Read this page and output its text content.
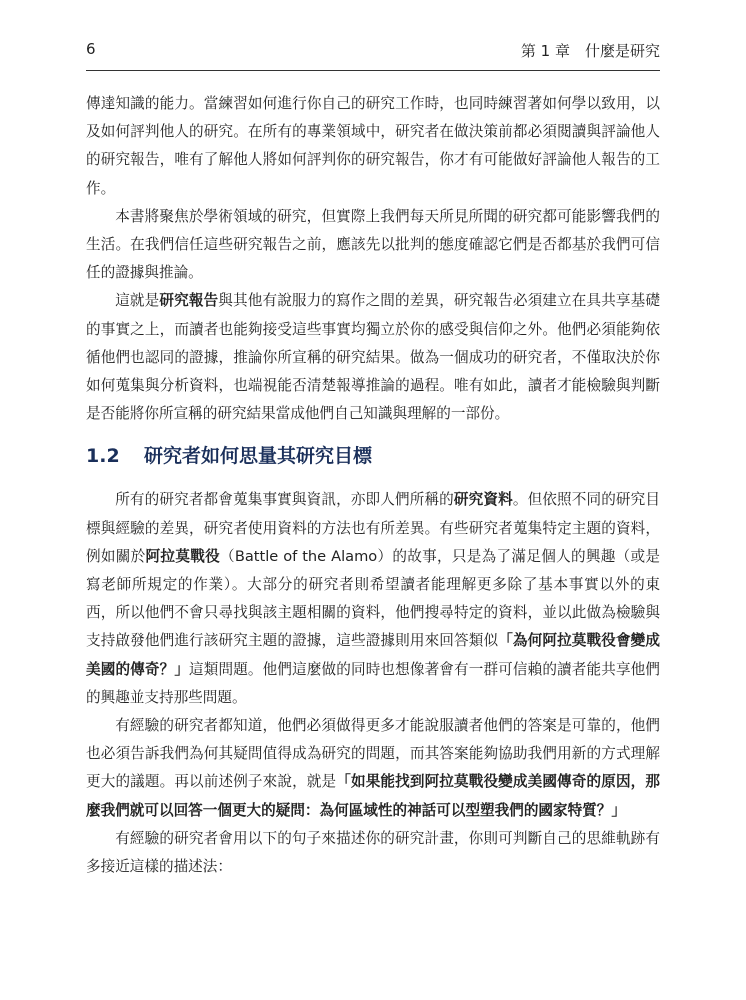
6	第 1 章　什麼是研究

傳達知識的能力。當練習如何進行你自己的研究工作時，也同時練習著如何學以致用，以及如何評判他人的研究。在所有的專業領域中，研究者在做決策前都必須閱讀與評論他人的研究報告，唯有了解他人將如何評判你的研究報告，你才有可能做好評論他人報告的工作。

本書將聚焦於學術領域的研究，但實際上我們每天所見所聞的研究都可能影響我們的生活。在我們信任這些研究報告之前，應該先以批判的態度確認它們是否都基於我們可信任的證據與推論。

這就是研究報告與其他有說服力的寫作之間的差異，研究報告必須建立在具共享基礎的事實之上，而讀者也能夠接受這些事實均獨立於你的感受與信仰之外。他們必須能夠依循他們也認同的證據，推論你所宣稱的研究結果。做為一個成功的研究者，不僅取決於你如何蒐集與分析資料，也端視能否清楚報導推論的過程。唯有如此，讀者才能檢驗與判斷是否能將你所宣稱的研究結果當成他們自己知識與理解的一部份。

1.2 研究者如何思量其研究目標

所有的研究者都會蒐集事實與資訊，亦即人們所稱的研究資料。但依照不同的研究目標與經驗的差異，研究者使用資料的方法也有所差異。有些研究者蒐集特定主題的資料，例如關於阿拉莫戰役（Battle of the Alamo）的故事，只是為了滿足個人的興趣（或是寫老師所規定的作業）。大部分的研究者則希望讀者能理解更多除了基本事實以外的東西，所以他們不會只尋找與該主題相關的資料，他們搜尋特定的資料，並以此做為檢驗與支持啟發他們進行該研究主題的證據，這些證據則用來回答類似「為何阿拉莫戰役會變成美國的傳奇？」這類問題。他們這麼做的同時也想像著會有一群可信賴的讀者能共享他們的興趣並支持那些問題。

有經驗的研究者都知道，他們必須做得更多才能說服讀者他們的答案是可靠的，他們也必須告訴我們為何其疑問值得成為研究的問題，而其答案能夠協助我們用新的方式理解更大的議題。再以前述例子來說，就是「如果能找到阿拉莫戰役變成美國傳奇的原因，那麼我們就可以回答一個更大的疑問：為何區域性的神話可以型塑我們的國家特質？」

有經驗的研究者會用以下的句子來描述你的研究計畫，你則可判斷自己的思維軌跡有多接近這樣的描述法：
